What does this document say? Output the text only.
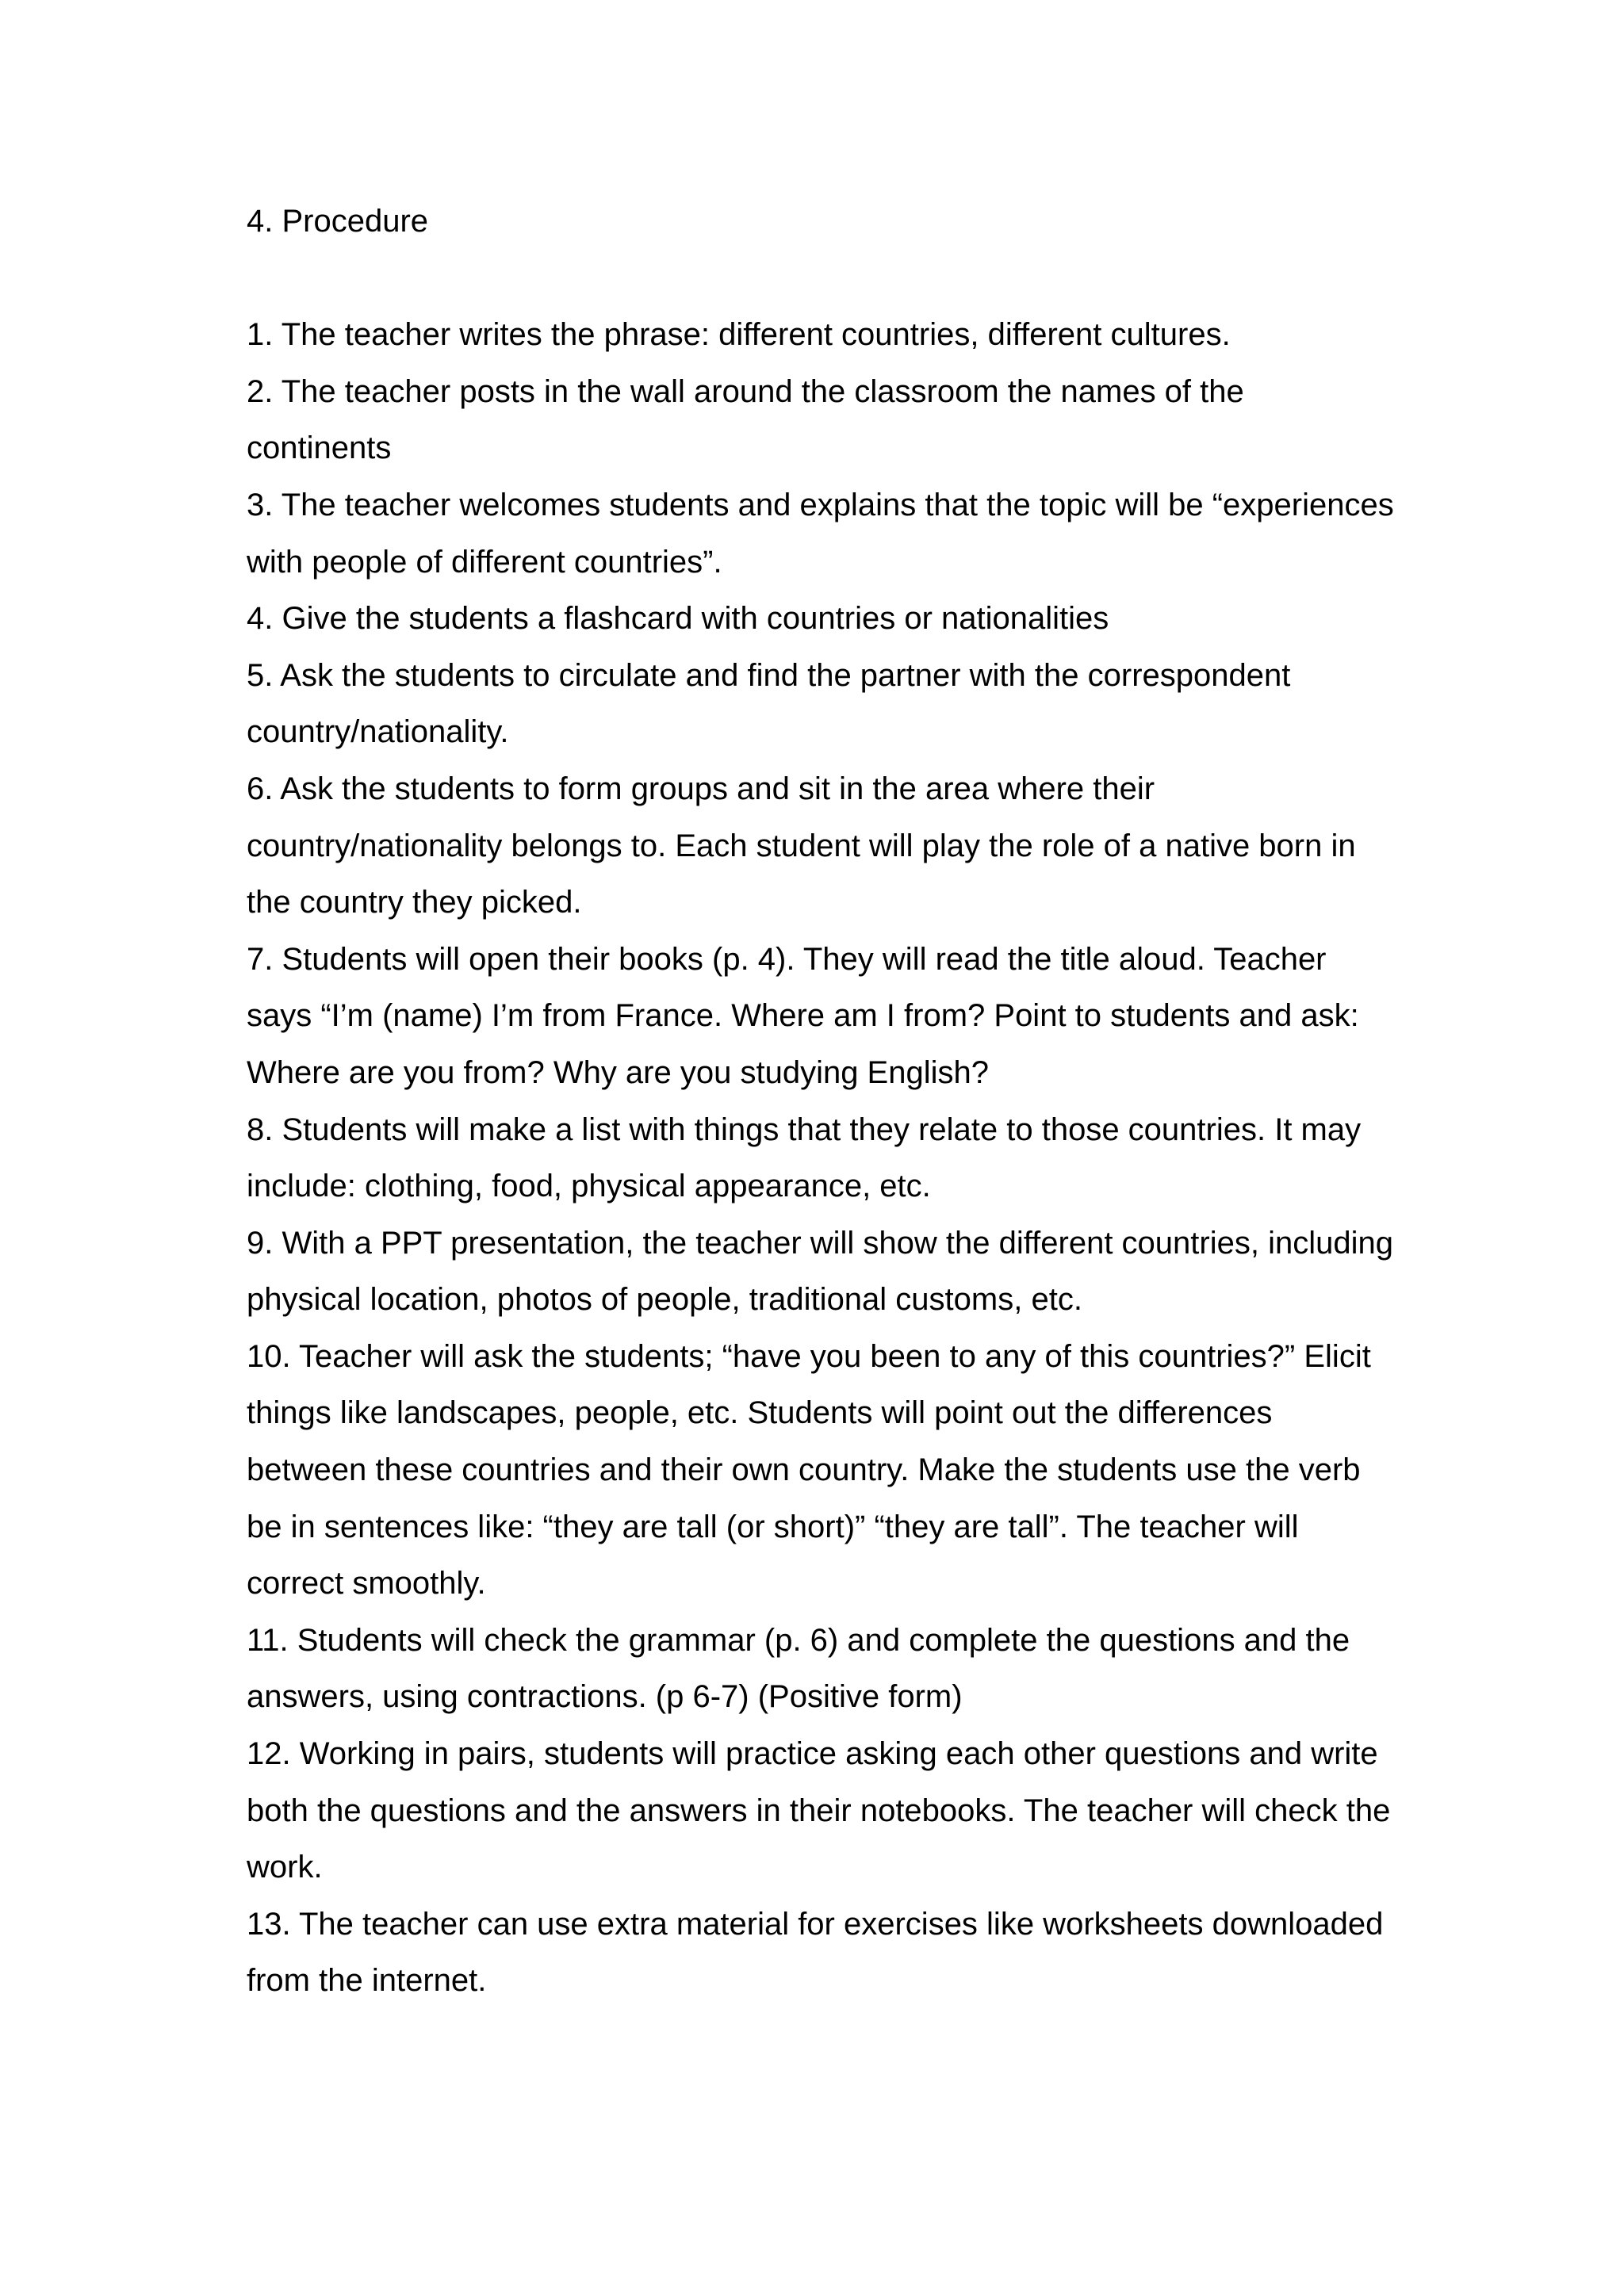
4. Procedure

1. The teacher writes the phrase: different countries, different cultures.
2. The teacher posts in the wall around the classroom the names of the continents
3. The teacher welcomes students and explains that the topic will be “experiences with people of different countries”.
4. Give the students a flashcard with countries or nationalities
5. Ask the students to circulate and find the partner with the correspondent country/nationality.
6. Ask the students to form groups and sit in the area where their country/nationality belongs to. Each student will play the role of a native born in the country they picked.
7. Students will open their books (p. 4). They will read the title aloud. Teacher says “I’m (name) I’m from France. Where am I from? Point to students and ask: Where are you from? Why are you studying English?
8. Students will make a list with things that they relate to those countries. It may include: clothing, food, physical appearance, etc.
9. With a PPT presentation, the teacher will show the different countries, including physical location, photos of people, traditional customs, etc.
10. Teacher will ask the students; “have you been to any of this countries?” Elicit things like landscapes, people, etc. Students will point out the differences between these countries and their own country. Make the students use the verb be in sentences like: “they are tall (or short)” “they are tall”. The teacher will correct smoothly.
11. Students will check the grammar (p. 6) and complete the questions and the answers, using contractions. (p 6-7) (Positive form)
12. Working in pairs, students will practice asking each other questions and write both the questions and the answers in their notebooks. The teacher will check the work.
13. The teacher can use extra material for exercises like worksheets downloaded from the internet.
